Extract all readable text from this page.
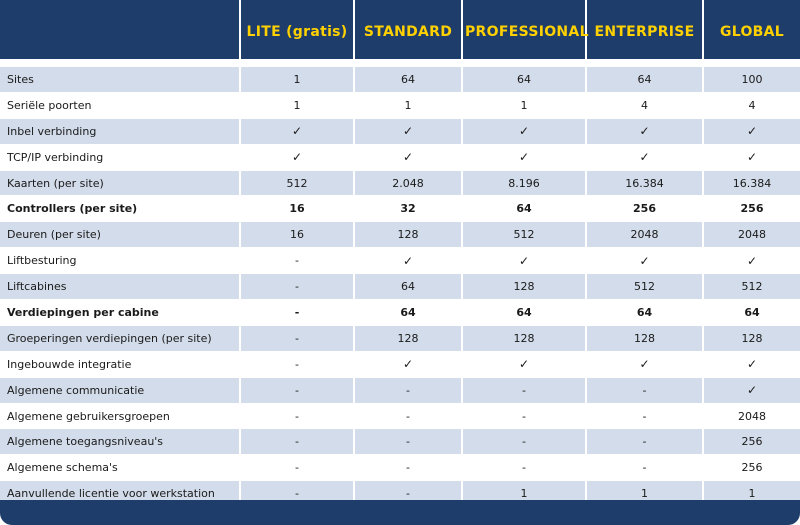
	LITE (gratis)	STANDARD	PROFESSIONAL	ENTERPRISE	GLOBAL

Sites	1	64	64	64	100
Seriële poorten	1	1	1	4	4
Inbel verbinding	✓	✓	✓	✓	✓
TCP/IP verbinding	✓	✓	✓	✓	✓
Kaarten (per site)	512	2.048	8.196	16.384	16.384
Controllers (per site)	16	32	64	256	256
Deuren (per site)	16	128	512	2048	2048
Liftbesturing	-	✓	✓	✓	✓
Liftcabines	-	64	128	512	512
Verdiepingen per cabine	-	64	64	64	64
Groeperingen verdiepingen (per site)	-	128	128	128	128
Ingebouwde integratie	-	✓	✓	✓	✓
Algemene communicatie	-	-	-	-	✓
Algemene gebruikersgroepen	-	-	-	-	2048
Algemene toegangsniveau's	-	-	-	-	256
Algemene schema's	-	-	-	-	256
Aanvullende licentie voor werkstation	-	-	1	1	1
